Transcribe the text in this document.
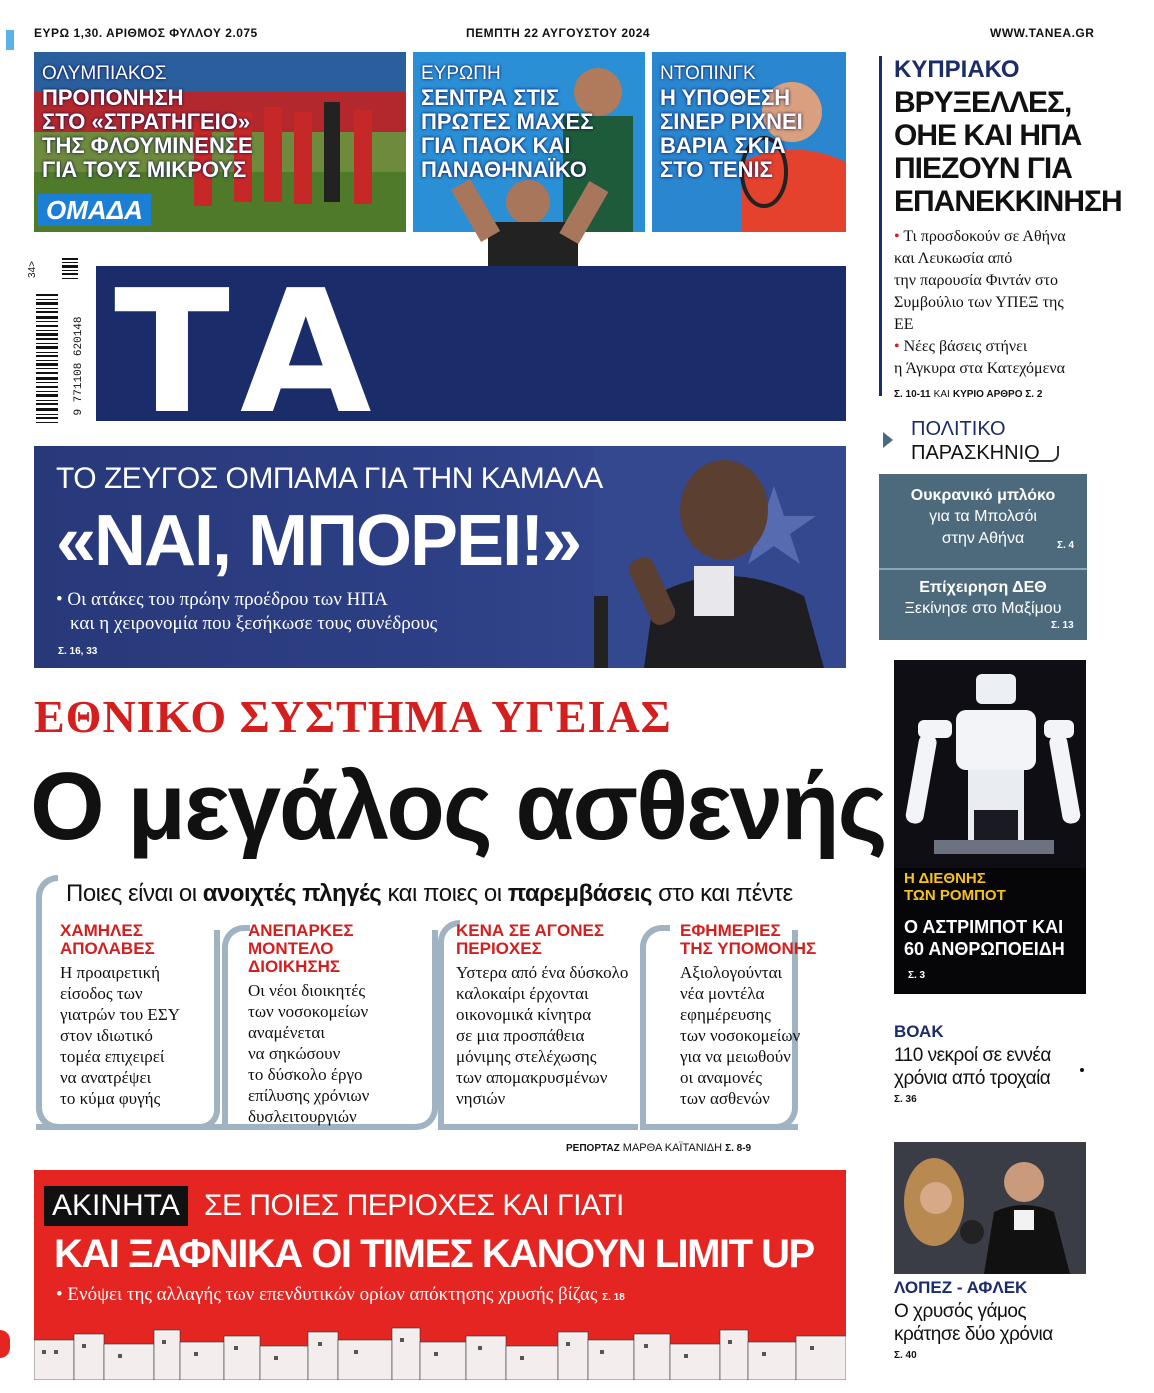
ΕΥΡΩ 1,30. ΑΡΙΘΜΟΣ ΦΥΛΛΟΥ 2.075	ΠΕΜΠΤΗ 22 ΑΥΓΟΥΣΤΟΥ 2024	WWW.TANEA.GR
ΟΛΥΜΠΙΑΚΟΣ
ΠΡΟΠΟΝΗΣΗ
ΣΤΟ «ΣΤΡΑΤΗΓΕΙΟ»
ΤΗΣ ΦΛΟΥΜΙΝΕΝΣΕ
ΓΙΑ ΤΟΥΣ ΜΙΚΡΟΥΣ
ΟΜΑΔΑ
ΕΥΡΩΠΗ
ΣΕΝΤΡΑ ΣΤΙΣ
ΠΡΩΤΕΣ ΜΑΧΕΣ
ΓΙΑ ΠΑΟΚ ΚΑΙ
ΠΑΝΑΘΗΝΑΪΚΟ
ΝΤΟΠΙΝΓΚ
Η ΥΠΟΘΕΣΗ
ΣΙΝΕΡ ΡΙΧΝΕΙ
ΒΑΡΙΑ ΣΚΙΑ
ΣΤΟ ΤΕΝΙΣ
9 771108 620148
34> ΤΑ
ΚΥΠΡΙΑΚΟ
ΒΡΥΞΕΛΛΕΣ,
ΟΗΕ ΚΑΙ ΗΠΑ
ΠΙΕΖΟΥΝ ΓΙΑ
ΕΠΑΝΕΚΚΙΝΗΣΗ
• Τι προσδοκούν σε Αθήνα
και Λευκωσία από
την παρουσία Φιντάν στο
Συμβούλιο των ΥΠΕΞ της ΕΕ
• Νέες βάσεις στήνει
η Άγκυρα στα Κατεχόμενα
Σ. 10-11 ΚΑΙ ΚΥΡΙΟ ΑΡΘΡΟ Σ. 2
ΠΟΛΙΤΙΚΟ
ΠΑΡΑΣΚΗΝΙΟ
Ουκρανικό μπλόκο
για τα Μπολσόι
στην Αθήνα	Σ. 4
Επίχειρηση ΔΕΘ
Ξεκίνησε στο Μαξίμου
Σ. 13
ΤΟ ΖΕΥΓΟΣ ΟΜΠΑΜΑ ΓΙΑ ΤΗΝ ΚΑΜΑΛΑ
«ΝΑΙ, ΜΠΟΡΕΙ!»
• Οι ατάκες του πρώην προέδρου των ΗΠΑ
και η χειρονομία που ξεσήκωσε τους συνέδρους
Σ. 16, 33
Η ΔΙΕΘΝΗΣ
ΤΩΝ ΡΟΜΠΟΤ
Ο ΑΣΤΡΙΜΠΟΤ ΚΑΙ
60 ΑΝΘΡΩΠΟΕΙΔΗ
Σ. 3
ΕΘΝΙΚΟ ΣΥΣΤΗΜΑ ΥΓΕΙΑΣ
Ο μεγάλος ασθενής
Ποιες είναι οι ανοιχτές πληγές και ποιες οι παρεμβάσεις στο και πέντε
ΧΑΜΗΛΕΣ
ΑΠΟΛΑΒΕΣ
Η προαιρετική
είσοδος των
γιατρών του ΕΣΥ
στον ιδιωτικό
τομέα επιχειρεί
να ανατρέψει
το κύμα φυγής
ΑΝΕΠΑΡΚΕΣ
ΜΟΝΤΕΛΟ ΔΙΟΙΚΗΣΗΣ
Οι νέοι διοικητές
των νοσοκομείων
αναμένεται
να σηκώσουν
το δύσκολο έργο
επίλυσης χρόνιων
δυσλειτουργιών
ΚΕΝΑ ΣΕ ΑΓΟΝΕΣ
ΠΕΡΙΟΧΕΣ
Υστερα από ένα δύσκολο
καλοκαίρι έρχονται
οικονομικά κίνητρα
σε μια προσπάθεια
μόνιμης στελέχωσης
των απομακρυσμένων
νησιών
ΕΦΗΜΕΡΙΕΣ
ΤΗΣ ΥΠΟΜΟΝΗΣ
Αξιολογούνται
νέα μοντέλα
εφημέρευσης
των νοσοκομείων
για να μειωθούν
οι αναμονές
των ασθενών
ΡΕΠΟΡΤΑΖ ΜΑΡΘΑ ΚΑΪΤΑΝΙΔΗ Σ. 8-9
ΒΟΑΚ
110 νεκροί σε εννέα
χρόνια από τροχαία
Σ. 36
ΛΟΠΕΖ - ΑΦΛΕΚ
Ο χρυσός γάμος
κράτησε δύο χρόνια
Σ. 40
ΑΚΙΝΗΤΑ ΣΕ ΠΟΙΕΣ ΠΕΡΙΟΧΕΣ ΚΑΙ ΓΙΑΤΙ
ΚΑΙ ΞΑΦΝΙΚΑ ΟΙ ΤΙΜΕΣ ΚΑΝΟΥΝ LIMIT UP
• Ενόψει της αλλαγής των επενδυτικών ορίων απόκτησης χρυσής βίζας Σ. 18
